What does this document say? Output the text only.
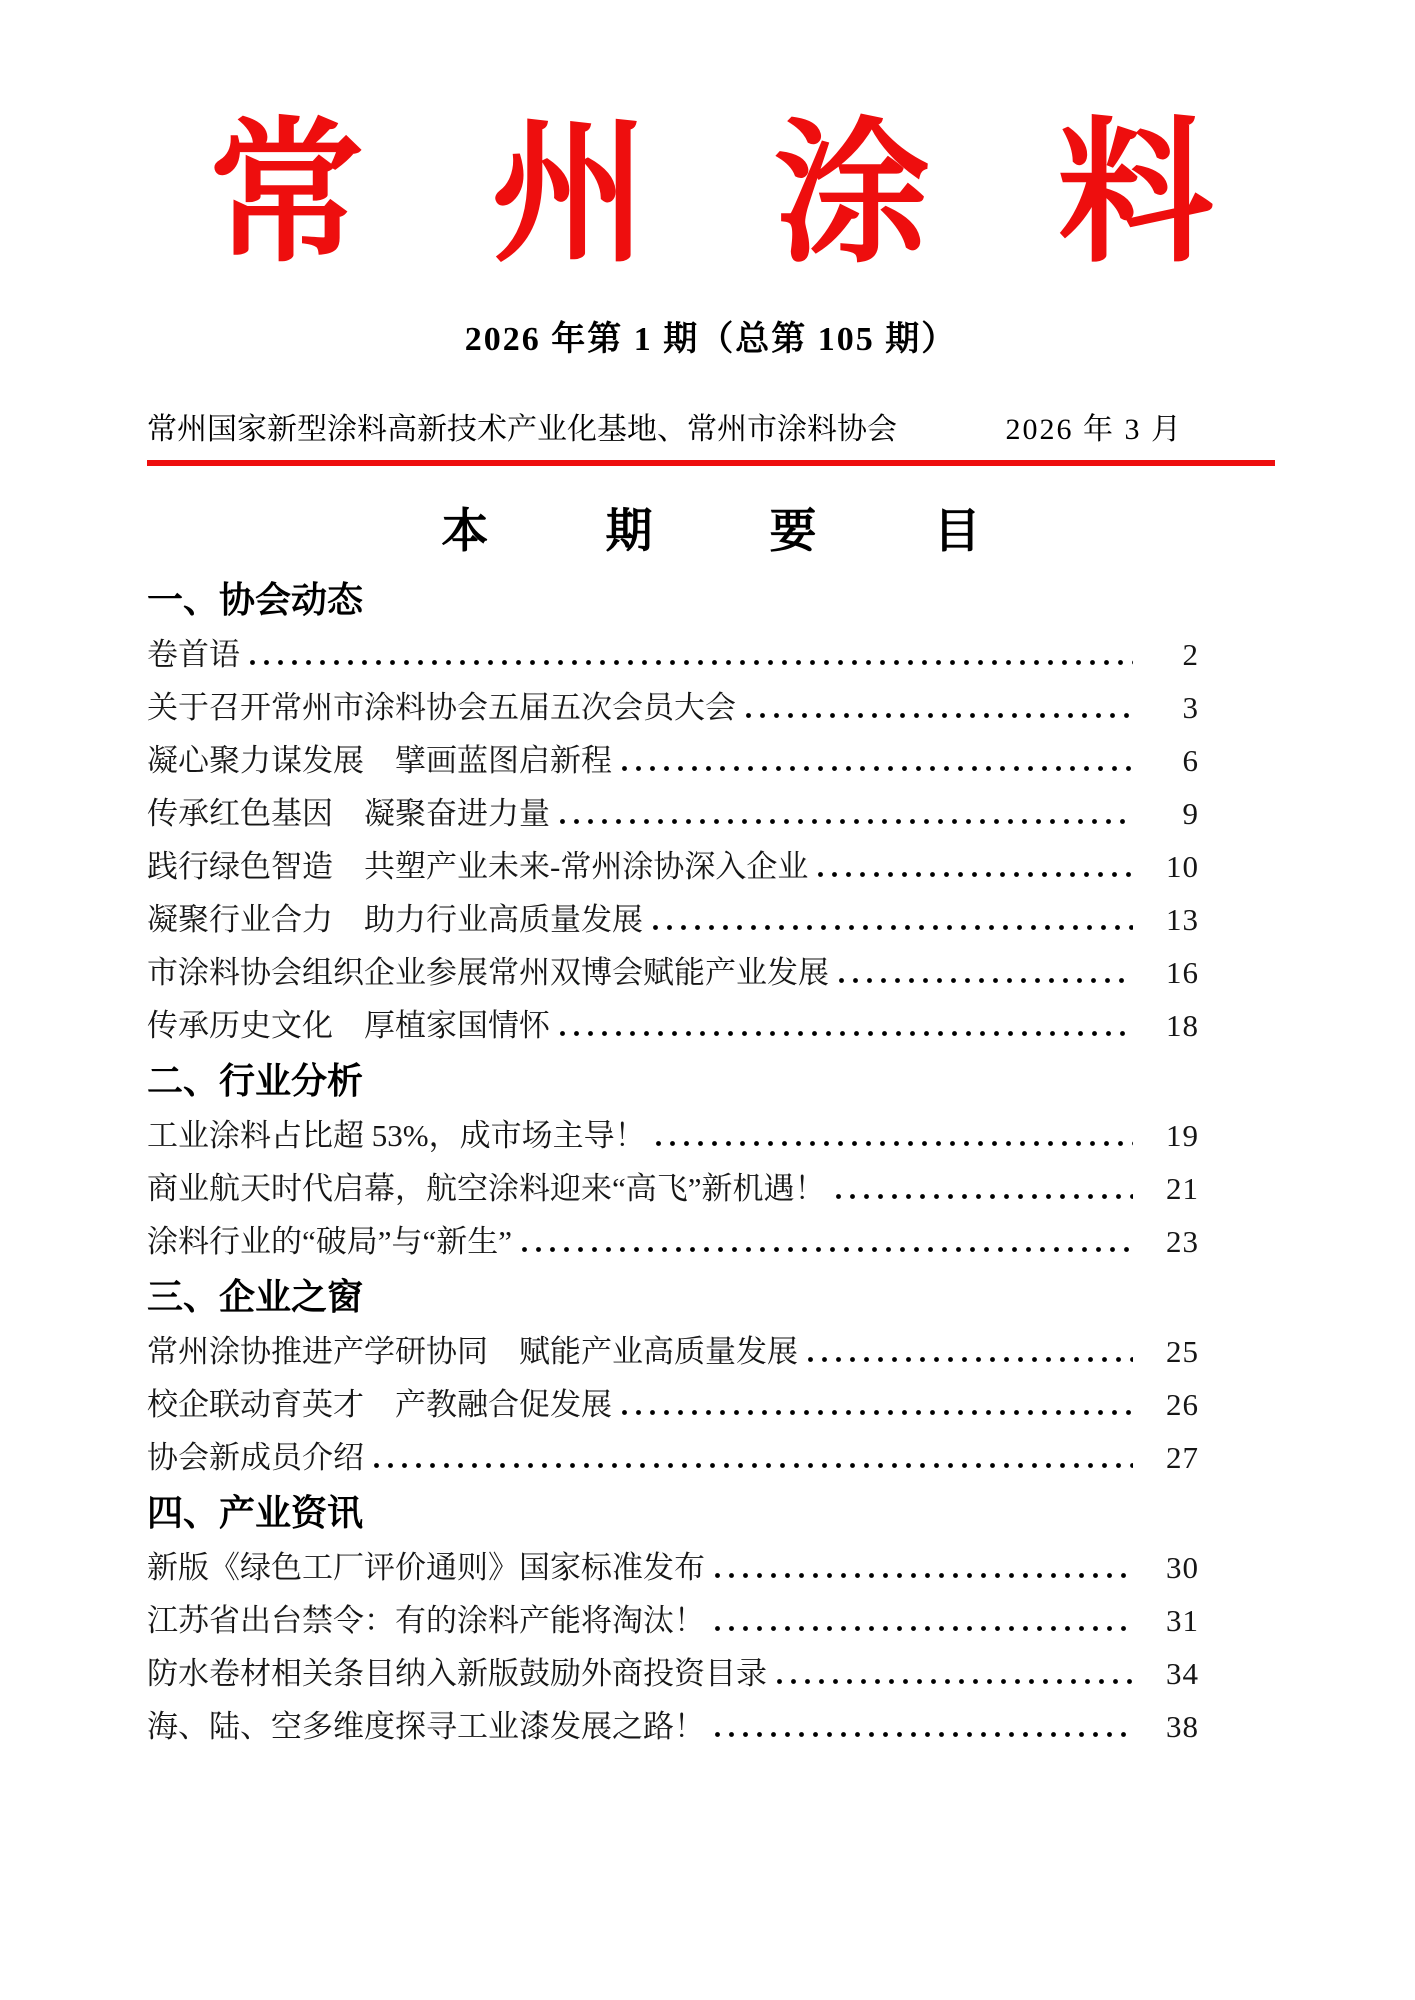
常 州 涂 料
2026 年第 1 期（总第 105 期）
常州国家新型涂料高新技术产业化基地、常州市涂料协会	2026 年 3 月
本 期 要 目
一、协会动态
卷首语	2
关于召开常州市涂料协会五届五次会员大会	3
凝心聚力谋发展　擘画蓝图启新程	6
传承红色基因　凝聚奋进力量	9
践行绿色智造　共塑产业未来-常州涂协深入企业	10
凝聚行业合力　助力行业高质量发展	13
市涂料协会组织企业参展常州双博会赋能产业发展	16
传承历史文化　厚植家国情怀	18
二、行业分析
工业涂料占比超 53%，成市场主导！	19
商业航天时代启幕，航空涂料迎来“高飞”新机遇！	21
涂料行业的“破局”与“新生”	23
三、企业之窗
常州涂协推进产学研协同　赋能产业高质量发展	25
校企联动育英才　产教融合促发展	26
协会新成员介绍	27
四、产业资讯
新版《绿色工厂评价通则》国家标准发布	30
江苏省出台禁令：有的涂料产能将淘汰！	31
防水卷材相关条目纳入新版鼓励外商投资目录	34
海、陆、空多维度探寻工业漆发展之路！	38
